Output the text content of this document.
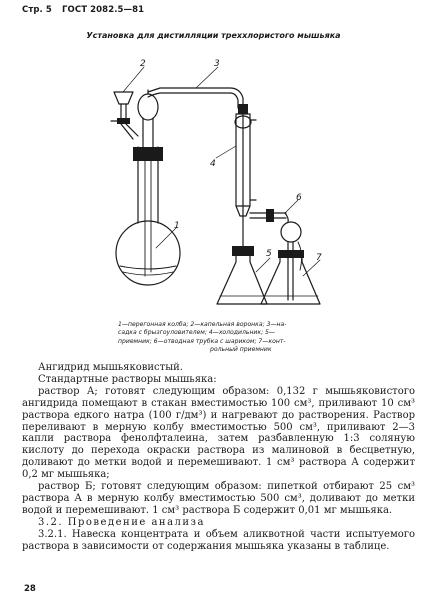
Стр. 5 ГОСТ 2082.5—81
Установка для дистилляции треххлористого мышьяка
2	3
4
1
6
5	7
1—перегонная колба; 2—капельная воронка; 3—на-
садка с брызгоуловителем; 4—холодильник; 5—
приемник; 6—отводная трубка с шариком; 7—конт-
рольный приемник

Ангидрид мышьяковистый.

Стандартные растворы мышьяка:

раствор А; готовят следующим образом: 0,132 г мышьяковистого ангидрида помещают в стакан вместимостью 100 см³, приливают 10 см³ раствора едкого натра (100 г/дм³) и нагревают до растворения. Раствор переливают в мерную колбу вместимостью 500 см³, приливают 2—3 капли раствора фенолфталеина, затем разбавленную 1:3 соляную кислоту до перехода окраски раствора из малиновой в бесцветную, доливают до метки водой и перемешивают. 1 см³ раствора А содержит 0,2 мг мышьяка;

раствор Б; готовят следующим образом: пипеткой отбирают 25 см³ раствора А в мерную колбу вместимостью 500 см³, доливают до метки водой и перемешивают. 1 см³ раствора Б содержит 0,01 мг мышьяка.

3.2. Проведение анализа

3.2.1. Навеска концентрата и объем аликвотной части испытуемого раствора в зависимости от содержания мышьяка указаны в таблице.

28
